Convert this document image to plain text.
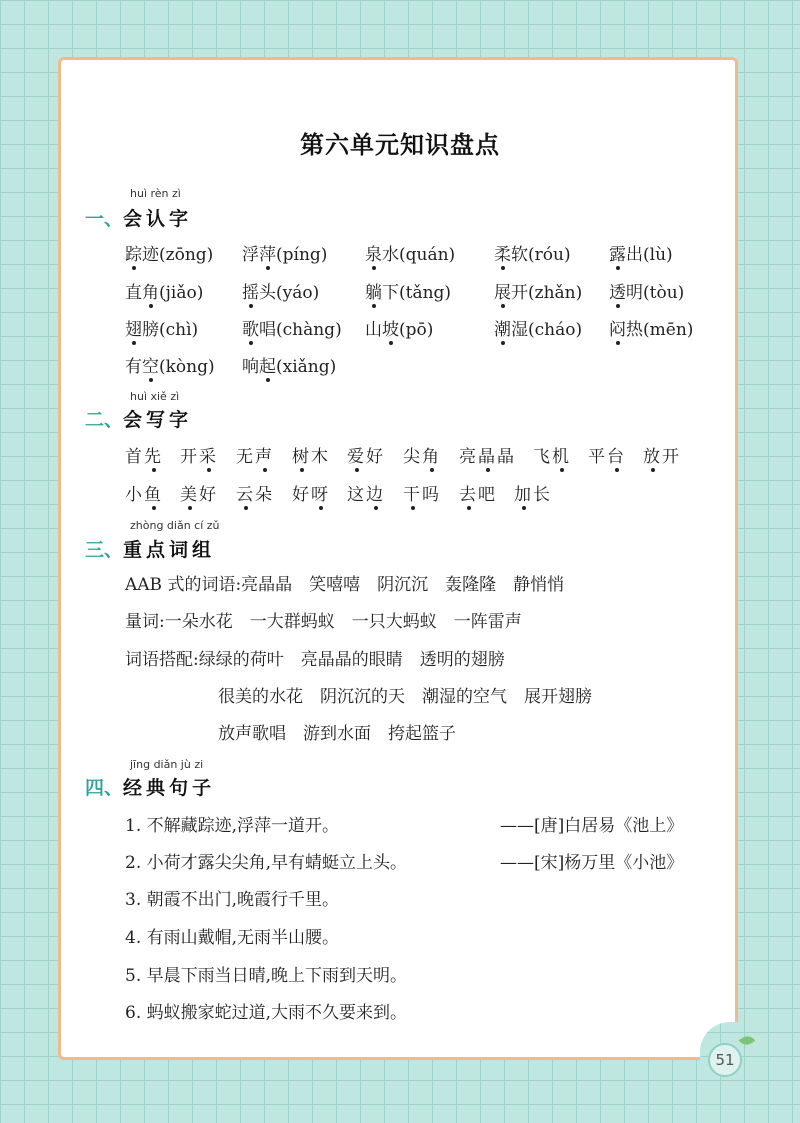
第六单元知识盘点
huì rèn zì
一、会认字
踪迹(zōng) 浮萍(píng) 泉水(quán) 柔软(róu) 露出(lù)
直角(jiǎo) 摇头(yáo)	躺下(tǎng)	展开(zhǎn) 透明(tòu)
翅膀(chì)	歌唱(chàng) 山坡(pō)	潮湿(cháo) 闷热(mēn)
有空(kòng) 响起(xiǎng)
huì xiě zì
二、会写字
首先 开采 无声 树木 爱好 尖角 亮晶晶 飞机 平台 放开
小鱼 美好 云朵 好呀 这边 干吗 去吧 加长
zhòng diǎn cí zǔ
三、重点词组
AAB 式的词语:亮晶晶　笑嘻嘻　阴沉沉　轰隆隆　静悄悄
量词:一朵水花　一大群蚂蚁　一只大蚂蚁　一阵雷声
词语搭配:绿绿的荷叶　亮晶晶的眼睛　透明的翅膀
很美的水花　阴沉沉的天　潮湿的空气　展开翅膀
放声歌唱　游到水面　挎起篮子
jīng diǎn jù zi
四、经典句子
1. 不解藏踪迹,浮萍一道开。	——[唐]白居易《池上》
2. 小荷才露尖尖角,早有蜻蜓立上头。	——[宋]杨万里《小池》
3. 朝霞不出门,晚霞行千里。
4. 有雨山戴帽,无雨半山腰。
5. 早晨下雨当日晴,晚上下雨到天明。
6. 蚂蚁搬家蛇过道,大雨不久要来到。
51
